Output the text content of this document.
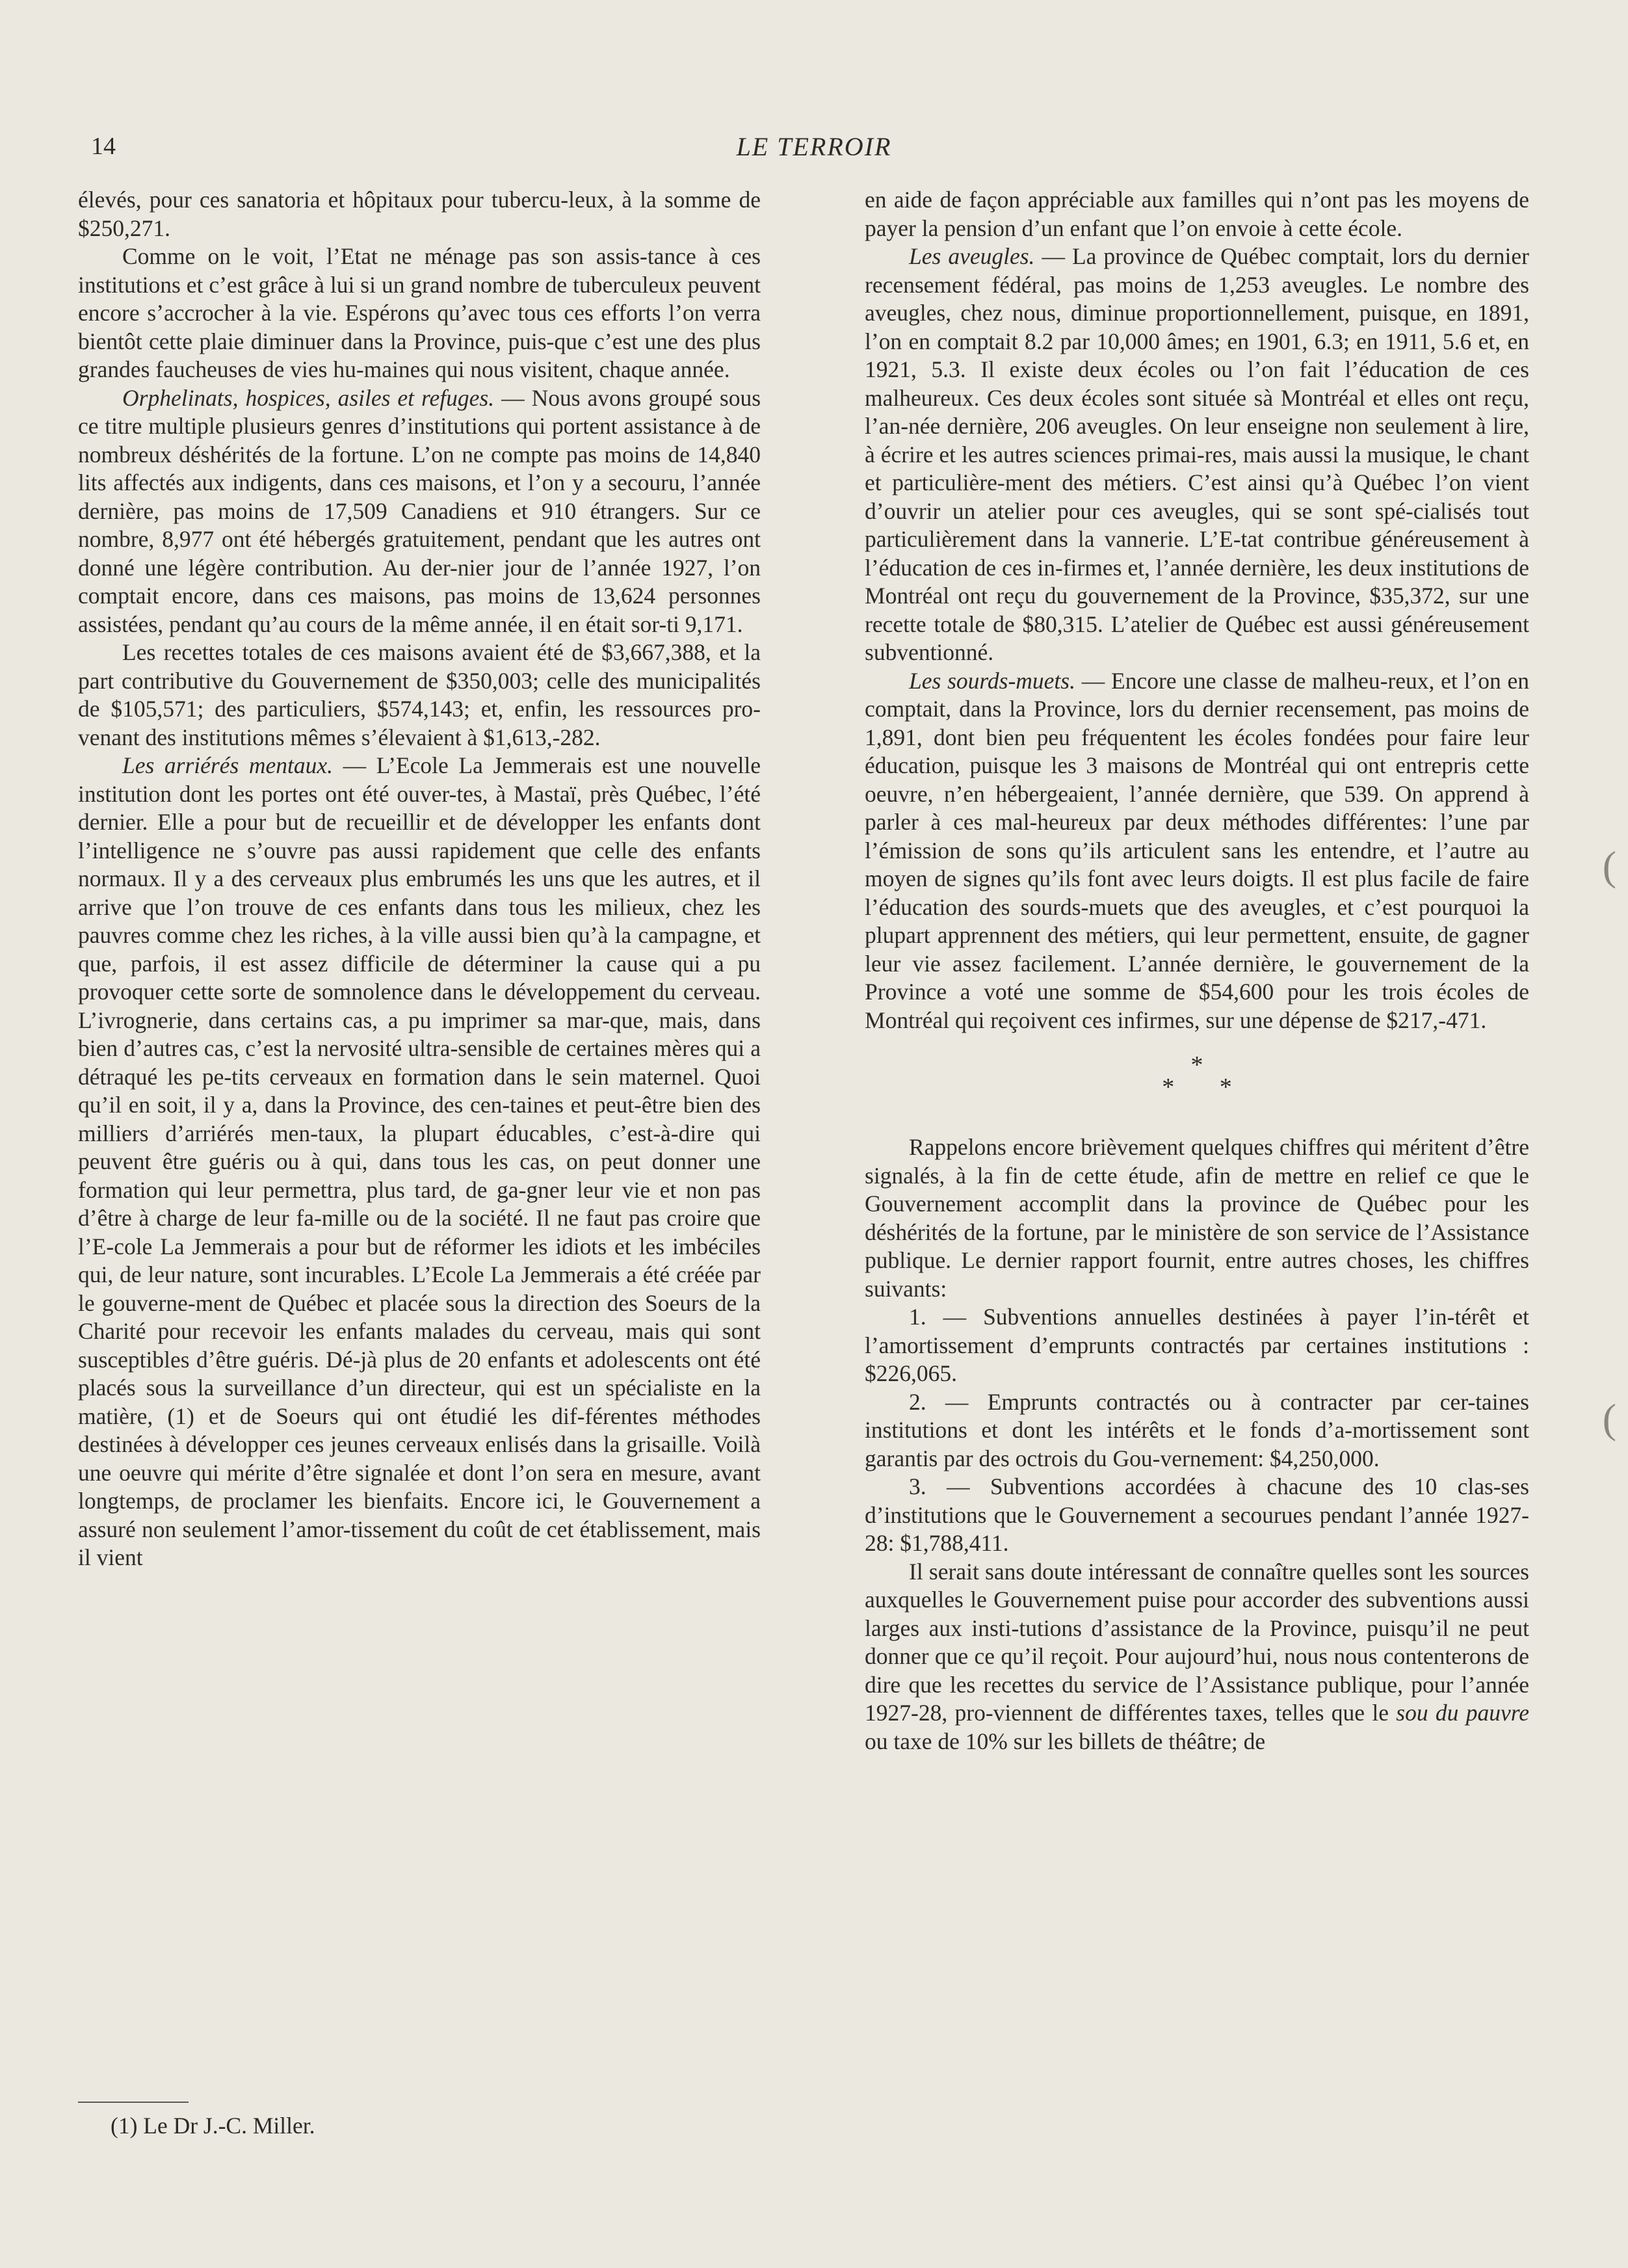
14	LE TERROIR

élevés, pour ces sanatoria et hôpitaux pour tubercu-leux, à la somme de $250,271.

Comme on le voit, l’Etat ne ménage pas son assis-tance à ces institutions et c’est grâce à lui si un grand nombre de tuberculeux peuvent encore s’accrocher à la vie. Espérons qu’avec tous ces efforts l’on verra bientôt cette plaie diminuer dans la Province, puis-que c’est une des plus grandes faucheuses de vies hu-maines qui nous visitent, chaque année.

Orphelinats, hospices, asiles et refuges. — Nous avons groupé sous ce titre multiple plusieurs genres d’institutions qui portent assistance à de nombreux déshérités de la fortune. L’on ne compte pas moins de 14,840 lits affectés aux indigents, dans ces maisons, et l’on y a secouru, l’année dernière, pas moins de 17,509 Canadiens et 910 étrangers. Sur ce nombre, 8,977 ont été hébergés gratuitement, pendant que les autres ont donné une légère contribution. Au der-nier jour de l’année 1927, l’on comptait encore, dans ces maisons, pas moins de 13,624 personnes assistées, pendant qu’au cours de la même année, il en était sor-ti 9,171.

Les recettes totales de ces maisons avaient été de $3,667,388, et la part contributive du Gouvernement de $350,003; celle des municipalités de $105,571; des particuliers, $574,143; et, enfin, les ressources pro-venant des institutions mêmes s’élevaient à $1,613,-282.

Les arriérés mentaux. — L’Ecole La Jemmerais est une nouvelle institution dont les portes ont été ouver-tes, à Mastaï, près Québec, l’été dernier. Elle a pour but de recueillir et de développer les enfants dont l’intelligence ne s’ouvre pas aussi rapidement que celle des enfants normaux. Il y a des cerveaux plus embrumés les uns que les autres, et il arrive que l’on trouve de ces enfants dans tous les milieux, chez les pauvres comme chez les riches, à la ville aussi bien qu’à la campagne, et que, parfois, il est assez difficile de déterminer la cause qui a pu provoquer cette sorte de somnolence dans le développement du cerveau. L’ivrognerie, dans certains cas, a pu imprimer sa mar-que, mais, dans bien d’autres cas, c’est la nervosité ultra-sensible de certaines mères qui a détraqué les pe-tits cerveaux en formation dans le sein maternel. Quoi qu’il en soit, il y a, dans la Province, des cen-taines et peut-être bien des milliers d’arriérés men-taux, la plupart éducables, c’est-à-dire qui peuvent être guéris ou à qui, dans tous les cas, on peut donner une formation qui leur permettra, plus tard, de ga-gner leur vie et non pas d’être à charge de leur fa-mille ou de la société. Il ne faut pas croire que l’E-cole La Jemmerais a pour but de réformer les idiots et les imbéciles qui, de leur nature, sont incurables. L’Ecole La Jemmerais a été créée par le gouverne-ment de Québec et placée sous la direction des Soeurs de la Charité pour recevoir les enfants malades du cerveau, mais qui sont susceptibles d’être guéris. Dé-jà plus de 20 enfants et adolescents ont été placés sous la surveillance d’un directeur, qui est un spécialiste en la matière, (1) et de Soeurs qui ont étudié les dif-férentes méthodes destinées à développer ces jeunes cerveaux enlisés dans la grisaille. Voilà une oeuvre qui mérite d’être signalée et dont l’on sera en mesure, avant longtemps, de proclamer les bienfaits. Encore ici, le Gouvernement a assuré non seulement l’amor-tissement du coût de cet établissement, mais il vient

(1) Le Dr J.-C. Miller.

en aide de façon appréciable aux familles qui n’ont pas les moyens de payer la pension d’un enfant que l’on envoie à cette école.

Les aveugles. — La province de Québec comptait, lors du dernier recensement fédéral, pas moins de 1,253 aveugles. Le nombre des aveugles, chez nous, diminue proportionnellement, puisque, en 1891, l’on en comptait 8.2 par 10,000 âmes; en 1901, 6.3; en 1911, 5.6 et, en 1921, 5.3. Il existe deux écoles ou l’on fait l’éducation de ces malheureux. Ces deux écoles sont située sà Montréal et elles ont reçu, l’an-née dernière, 206 aveugles. On leur enseigne non seulement à lire, à écrire et les autres sciences primai-res, mais aussi la musique, le chant et particulière-ment des métiers. C’est ainsi qu’à Québec l’on vient d’ouvrir un atelier pour ces aveugles, qui se sont spé-cialisés tout particulièrement dans la vannerie. L’E-tat contribue généreusement à l’éducation de ces in-firmes et, l’année dernière, les deux institutions de Montréal ont reçu du gouvernement de la Province, $35,372, sur une recette totale de $80,315. L’atelier de Québec est aussi généreusement subventionné.

Les sourds-muets. — Encore une classe de malheu-reux, et l’on en comptait, dans la Province, lors du dernier recensement, pas moins de 1,891, dont bien peu fréquentent les écoles fondées pour faire leur éducation, puisque les 3 maisons de Montréal qui ont entrepris cette oeuvre, n’en hébergeaient, l’année dernière, que 539. On apprend à parler à ces mal-heureux par deux méthodes différentes: l’une par l’émission de sons qu’ils articulent sans les entendre, et l’autre au moyen de signes qu’ils font avec leurs doigts. Il est plus facile de faire l’éducation des sourds-muets que des aveugles, et c’est pourquoi la plupart apprennent des métiers, qui leur permettent, ensuite, de gagner leur vie assez facilement. L’année dernière, le gouvernement de la Province a voté une somme de $54,600 pour les trois écoles de Montréal qui reçoivent ces infirmes, sur une dépense de $217,-471.

*
* *

Rappelons encore brièvement quelques chiffres qui méritent d’être signalés, à la fin de cette étude, afin de mettre en relief ce que le Gouvernement accomplit dans la province de Québec pour les déshérités de la fortune, par le ministère de son service de l’Assistance publique. Le dernier rapport fournit, entre autres choses, les chiffres suivants:

1. — Subventions annuelles destinées à payer l’in-térêt et l’amortissement d’emprunts contractés par certaines institutions : $226,065.

2. — Emprunts contractés ou à contracter par cer-taines institutions et dont les intérêts et le fonds d’a-mortissement sont garantis par des octrois du Gou-vernement: $4,250,000.

3. — Subventions accordées à chacune des 10 clas-ses d’institutions que le Gouvernement a secourues pendant l’année 1927-28: $1,788,411.

Il serait sans doute intéressant de connaître quelles sont les sources auxquelles le Gouvernement puise pour accorder des subventions aussi larges aux insti-tutions d’assistance de la Province, puisqu’il ne peut donner que ce qu’il reçoit. Pour aujourd’hui, nous nous contenterons de dire que les recettes du service de l’Assistance publique, pour l’année 1927-28, pro-viennent de différentes taxes, telles que le sou du pauvre ou taxe de 10% sur les billets de théâtre; de

(
(
